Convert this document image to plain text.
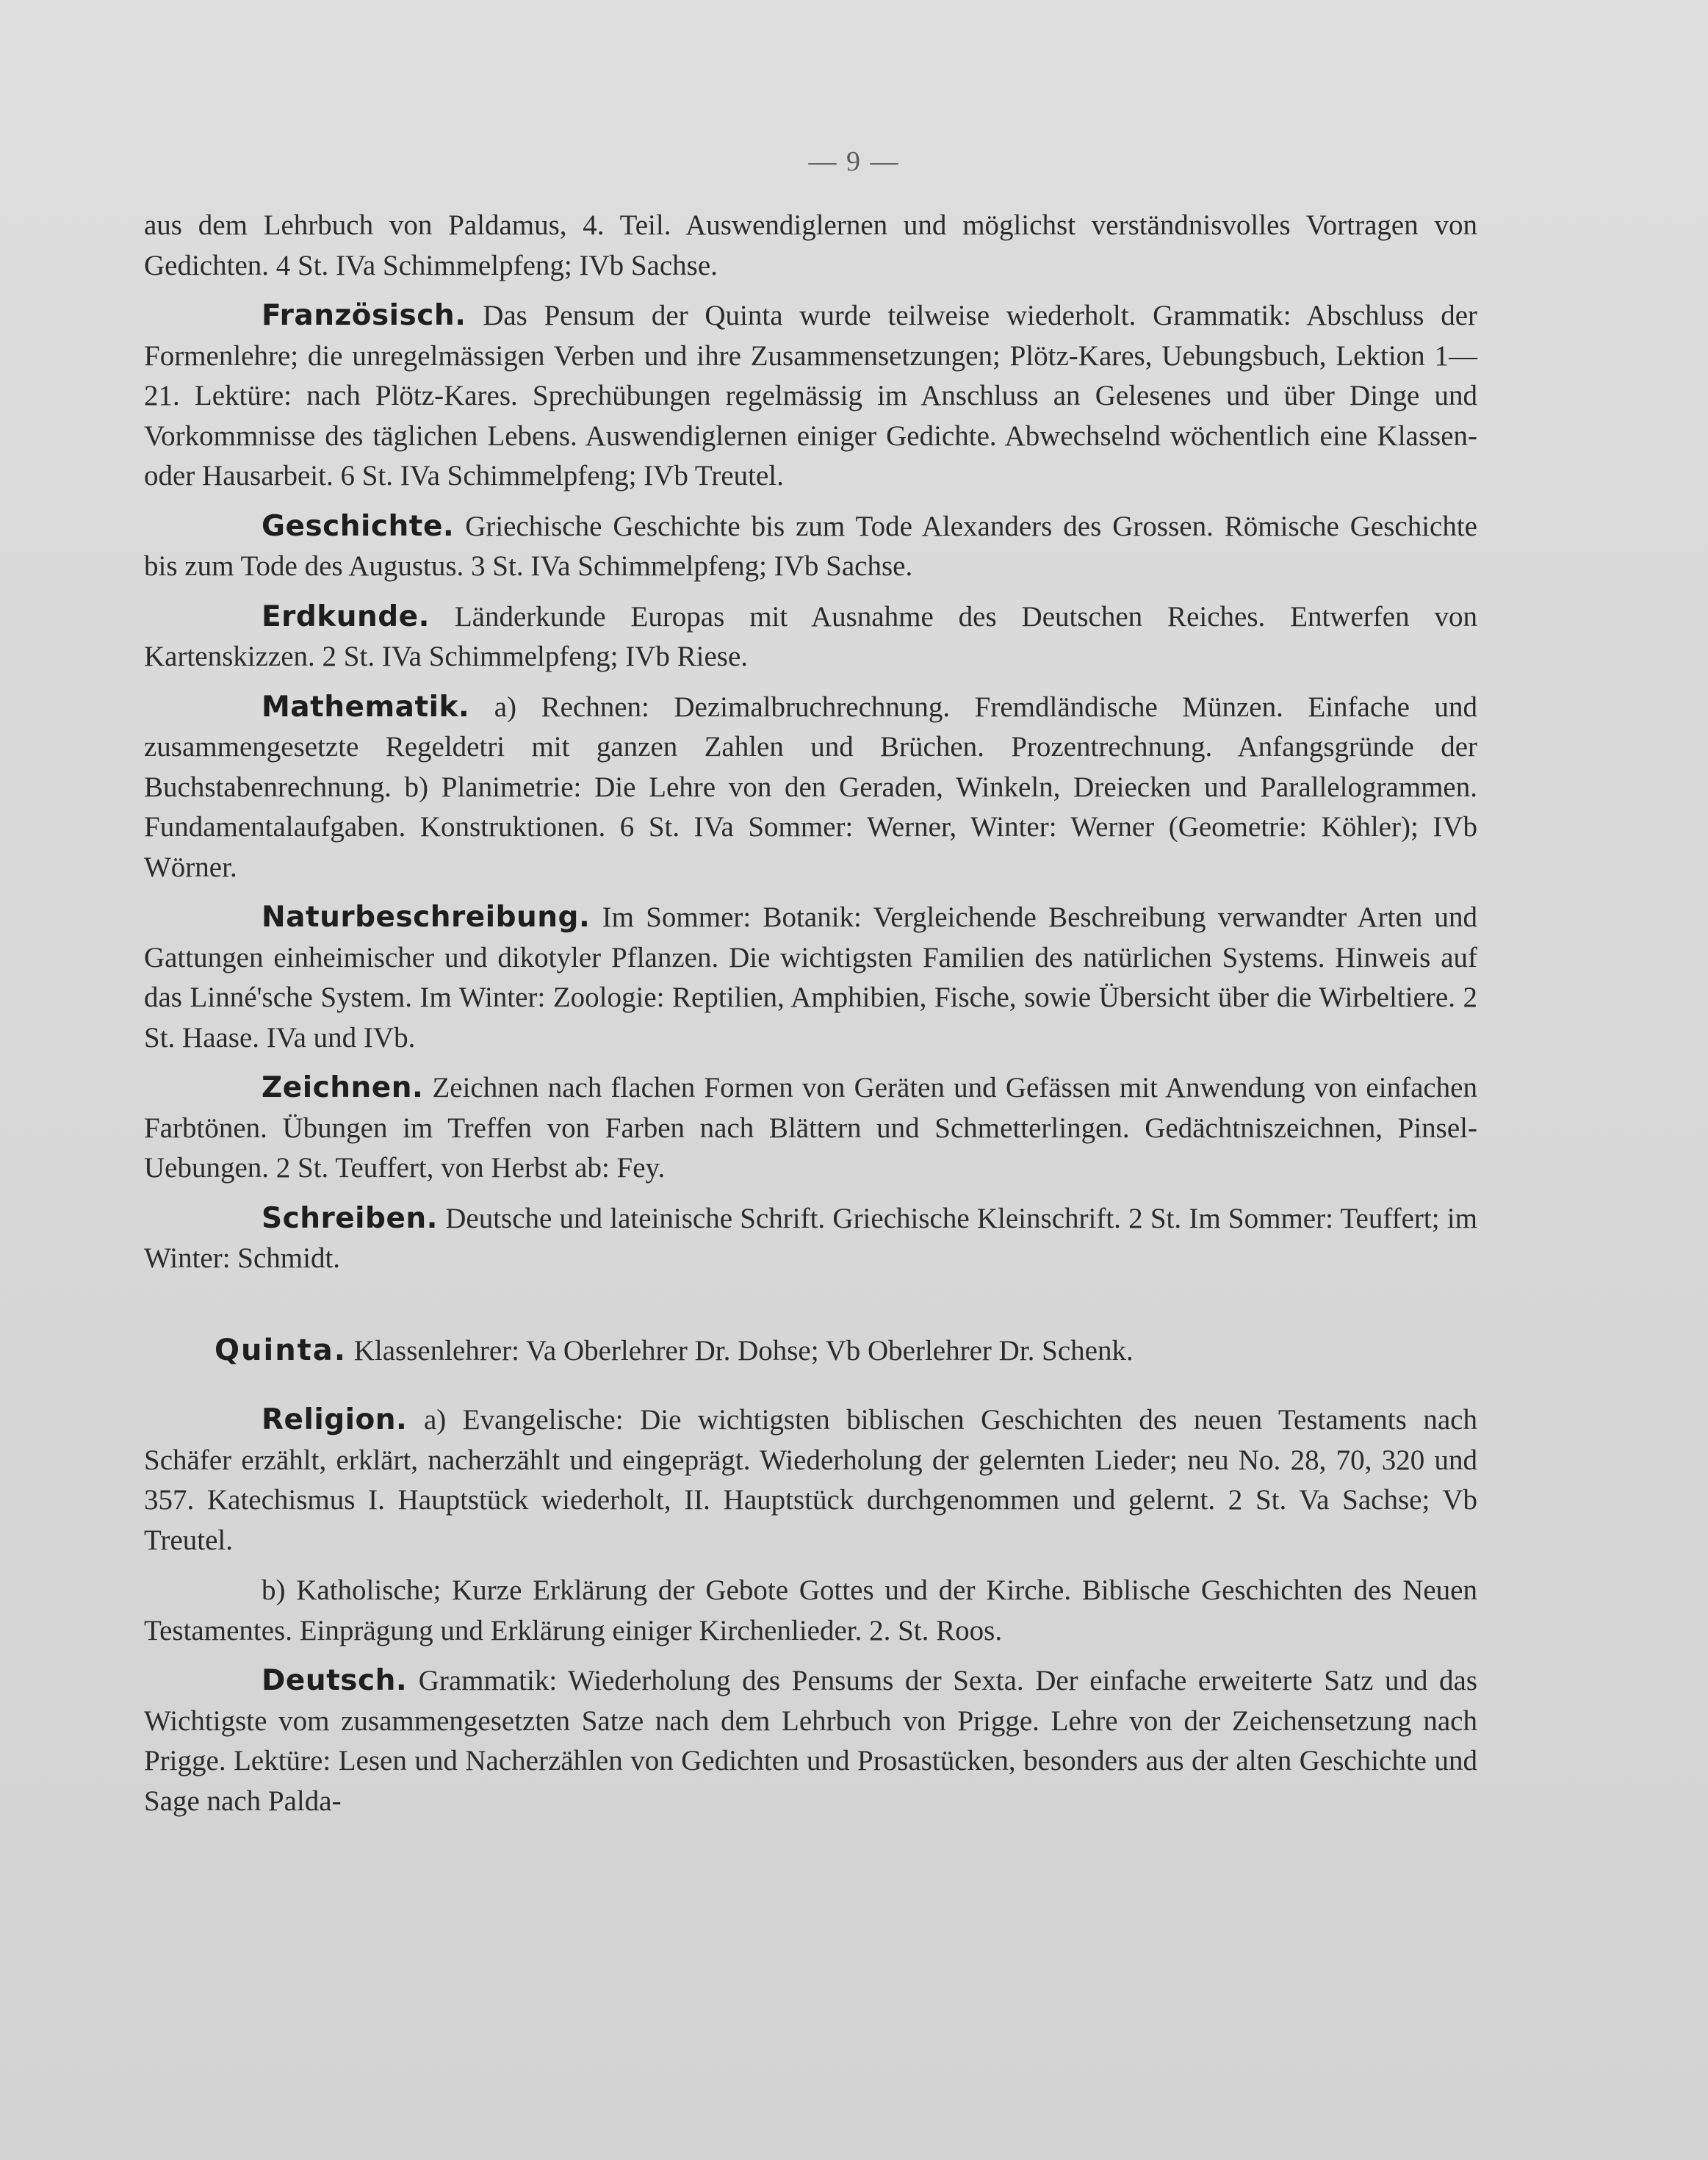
— 9 —

aus dem Lehrbuch von Paldamus, 4. Teil. Auswendiglernen und möglichst verständnisvolles Vortragen von Gedichten. 4 St. IVa Schimmelpfeng; IVb Sachse.

Französisch. Das Pensum der Quinta wurde teilweise wiederholt. Grammatik: Abschluss der Formenlehre; die unregelmässigen Verben und ihre Zusammensetzungen; Plötz-Kares, Uebungsbuch, Lektion 1—21. Lektüre: nach Plötz-Kares. Sprechübungen regelmässig im Anschluss an Gelesenes und über Dinge und Vorkommnisse des täglichen Lebens. Auswendiglernen einiger Gedichte. Abwechselnd wöchentlich eine Klassen- oder Hausarbeit. 6 St. IVa Schimmelpfeng; IVb Treutel.

Geschichte. Griechische Geschichte bis zum Tode Alexanders des Grossen. Römische Geschichte bis zum Tode des Augustus. 3 St. IVa Schimmelpfeng; IVb Sachse.

Erdkunde. Länderkunde Europas mit Ausnahme des Deutschen Reiches. Entwerfen von Kartenskizzen. 2 St. IVa Schimmelpfeng; IVb Riese.

Mathematik. a) Rechnen: Dezimalbruchrechnung. Fremdländische Münzen. Einfache und zusammengesetzte Regeldetri mit ganzen Zahlen und Brüchen. Prozentrechnung. Anfangsgründe der Buchstabenrechnung. b) Planimetrie: Die Lehre von den Geraden, Winkeln, Dreiecken und Parallelogrammen. Fundamentalaufgaben. Konstruktionen. 6 St. IVa Sommer: Werner, Winter: Werner (Geometrie: Köhler); IVb Wörner.

Naturbeschreibung. Im Sommer: Botanik: Vergleichende Beschreibung verwandter Arten und Gattungen einheimischer und dikotyler Pflanzen. Die wichtigsten Familien des natürlichen Systems. Hinweis auf das Linné'sche System. Im Winter: Zoologie: Reptilien, Amphibien, Fische, sowie Übersicht über die Wirbeltiere. 2 St. Haase. IVa und IVb.

Zeichnen. Zeichnen nach flachen Formen von Geräten und Gefässen mit Anwendung von einfachen Farbtönen. Übungen im Treffen von Farben nach Blättern und Schmetterlingen. Gedächtniszeichnen, Pinsel-Uebungen. 2 St. Teuffert, von Herbst ab: Fey.

Schreiben. Deutsche und lateinische Schrift. Griechische Kleinschrift. 2 St. Im Sommer: Teuffert; im Winter: Schmidt.

Quinta. Klassenlehrer: Va Oberlehrer Dr. Dohse; Vb Oberlehrer Dr. Schenk.

Religion. a) Evangelische: Die wichtigsten biblischen Geschichten des neuen Testaments nach Schäfer erzählt, erklärt, nacherzählt und eingeprägt. Wiederholung der gelernten Lieder; neu No. 28, 70, 320 und 357. Katechismus I. Hauptstück wiederholt, II. Hauptstück durchgenommen und gelernt. 2 St. Va Sachse; Vb Treutel.

b) Katholische; Kurze Erklärung der Gebote Gottes und der Kirche. Biblische Geschichten des Neuen Testamentes. Einprägung und Erklärung einiger Kirchenlieder. 2. St. Roos.

Deutsch. Grammatik: Wiederholung des Pensums der Sexta. Der einfache erweiterte Satz und das Wichtigste vom zusammengesetzten Satze nach dem Lehrbuch von Prigge. Lehre von der Zeichensetzung nach Prigge. Lektüre: Lesen und Nacherzählen von Gedichten und Prosastücken, besonders aus der alten Geschichte und Sage nach Palda-
